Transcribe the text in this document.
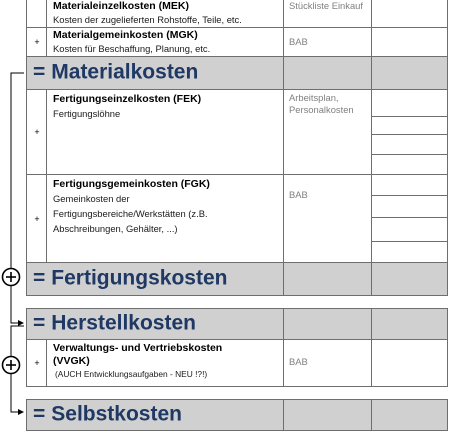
Materialeinzelkosten (MEK)
Kosten der zugelieferten Rohstoffe, Teile, etc.
Stückliste Einkauf
+
Materialgemeinkosten (MGK)
Kosten für Beschaffung, Planung, etc.
BAB
= Materialkosten
+
Fertigungseinzelkosten (FEK)
Fertigungslöhne
Arbeitsplan, Personalkosten
+
Fertigungsgemeinkosten (FGK)
Gemeinkosten der
Fertigungsbereiche/Werkstätten (z.B.
Abschreibungen, Gehälter, ...)
BAB
= Fertigungskosten
= Herstellkosten
+
Verwaltungs- und Vertriebskosten
(VVGK)
(AUCH Entwicklungsaufgaben - NEU !?!)
BAB
= Selbstkosten
